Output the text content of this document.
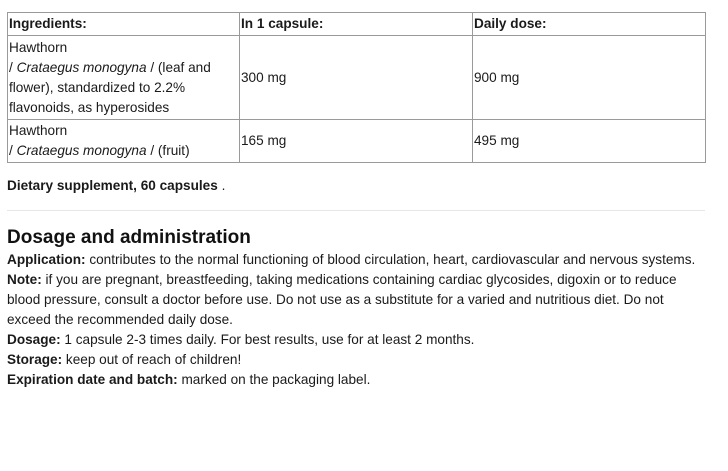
Ingredients:	In 1 capsule:	Daily dose:
Hawthorn
/ Crataegus monogyna / (leaf and flower), standardized to 2.2% flavonoids, as hyperosides	300 mg	900 mg
Hawthorn
/ Crataegus monogyna / (fruit)	165 mg	495 mg
Dietary supplement, 60 capsules .
Dosage and administration

Application: contributes to the normal functioning of blood circulation, heart, cardiovascular and nervous systems.

Note: if you are pregnant, breastfeeding, taking medications containing cardiac glycosides, digoxin or to reduce blood pressure, consult a doctor before use. Do not use as a substitute for a varied and nutritious diet. Do not exceed the recommended daily dose.

Dosage: 1 capsule 2-3 times daily. For best results, use for at least 2 months.

Storage: keep out of reach of children!

Expiration date and batch: marked on the packaging label.
